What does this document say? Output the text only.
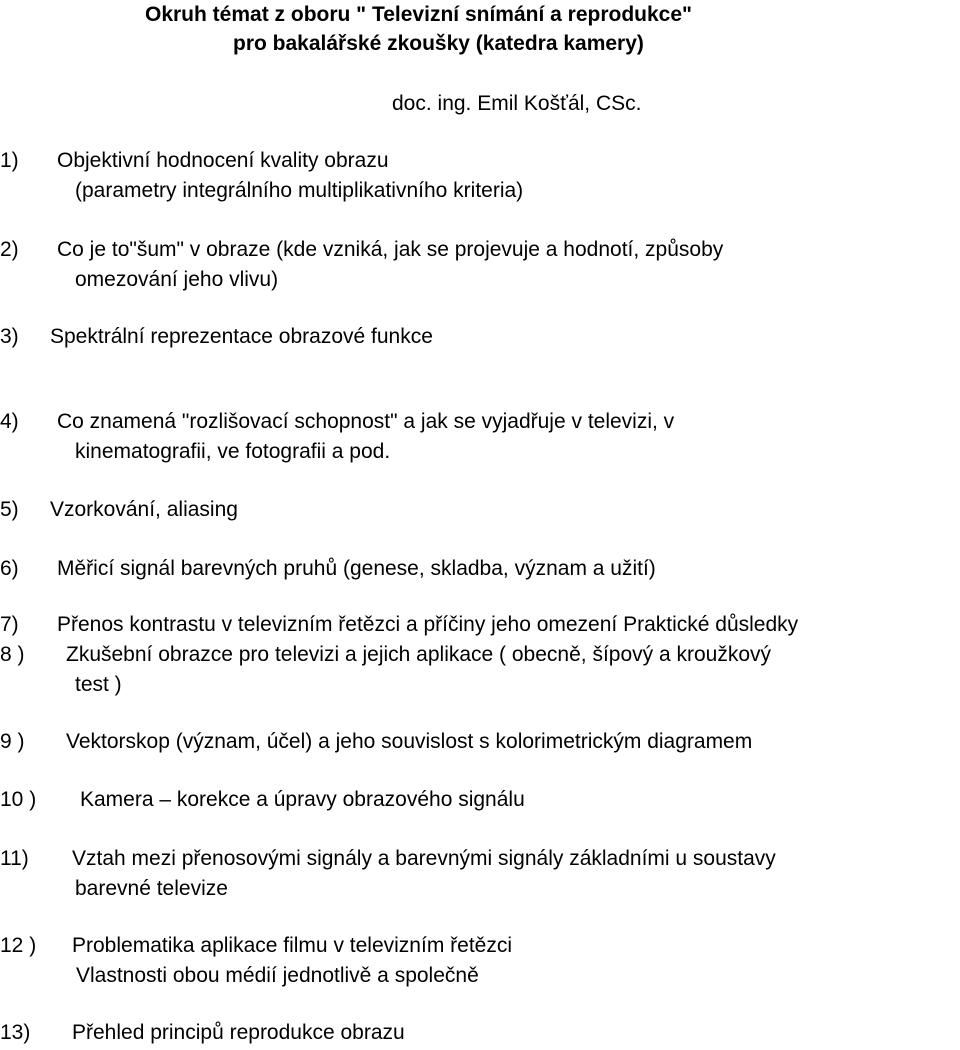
Okruh témat z oboru " Televizní snímání a reprodukce"
pro bakalářské zkoušky (katedra kamery)
doc. ing. Emil Košťál, CSc.
1) Objektivní hodnocení kvality obrazu
(parametry integrálního multiplikativního kriteria)
2) Co je to"šum" v obraze (kde vzniká, jak se projevuje a hodnotí, způsoby
omezování jeho vlivu)
3) Spektrální reprezentace obrazové funkce
4) Co znamená "rozlišovací schopnost" a jak se vyjadřuje v televizi, v
kinematografii, ve fotografii a pod.
5) Vzorkování, aliasing
6) Měřicí signál barevných pruhů (genese, skladba, význam a užití)
7) Přenos kontrastu v televizním řetězci a příčiny jeho omezení Praktické důsledky
8 ) Zkušební obrazce pro televizi a jejich aplikace ( obecně, šípový a kroužkový
test )
9 ) Vektorskop (význam, účel) a jeho souvislost s kolorimetrickým diagramem
10 ) Kamera – korekce a úpravy obrazového signálu
11) Vztah mezi přenosovými signály a barevnými signály základními u soustavy
barevné televize
12 ) Problematika aplikace filmu v televizním řetězci
Vlastnosti obou médií jednotlivě a společně
13) Přehled principů reprodukce obrazu
